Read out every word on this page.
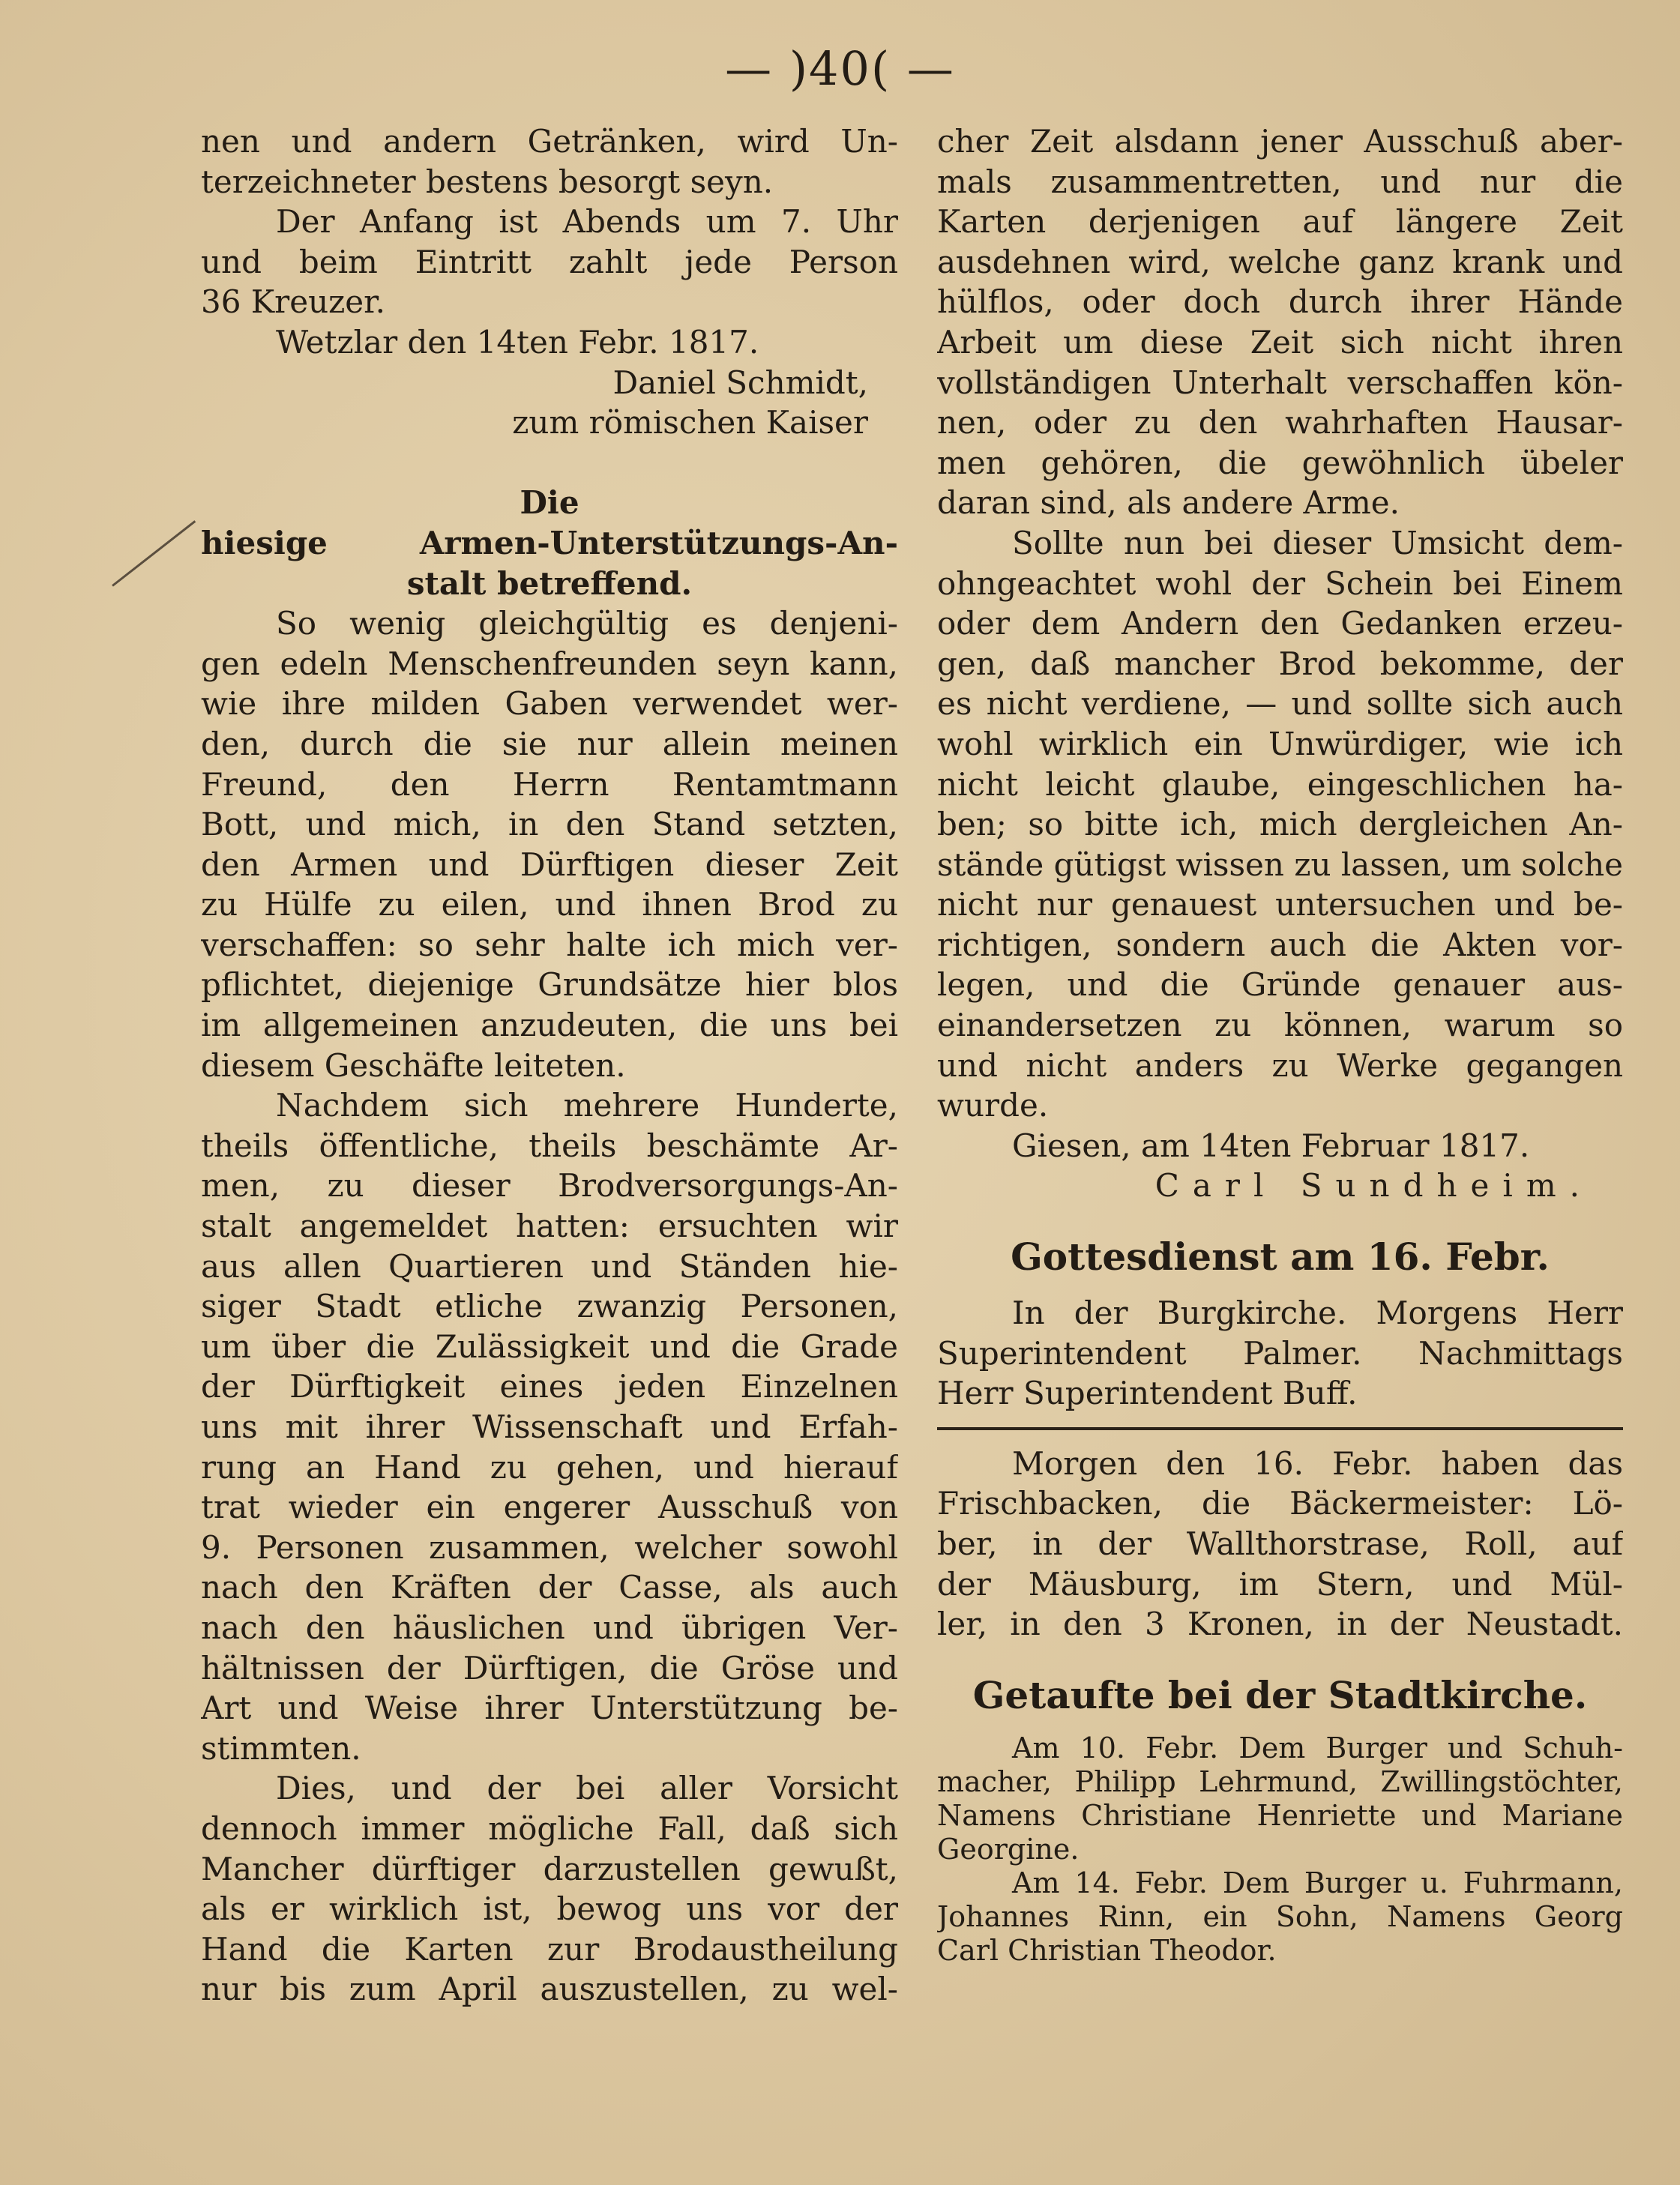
— )40( —
nen und andern Getränken, wird Un-
terzeichneter bestens besorgt seyn.
Der Anfang ist Abends um 7. Uhr
und beim Eintritt zahlt jede Person
36 Kreuzer.
Wetzlar den 14ten Febr. 1817.
Daniel Schmidt,
zum römischen Kaiser
Die
hiesige Armen-Unterstützungs-An-
stalt betreffend.
So wenig gleichgültig es denjeni-
gen edeln Menschenfreunden seyn kann,
wie ihre milden Gaben verwendet wer-
den, durch die sie nur allein meinen
Freund, den Herrn Rentamtmann
Bott, und mich, in den Stand setzten,
den Armen und Dürftigen dieser Zeit
zu Hülfe zu eilen, und ihnen Brod zu
verschaffen: so sehr halte ich mich ver-
pflichtet, diejenige Grundsätze hier blos
im allgemeinen anzudeuten, die uns bei
diesem Geschäfte leiteten.
Nachdem sich mehrere Hunderte,
theils öffentliche, theils beschämte Ar-
men, zu dieser Brodversorgungs-An-
stalt angemeldet hatten: ersuchten wir
aus allen Quartieren und Ständen hie-
siger Stadt etliche zwanzig Personen,
um über die Zulässigkeit und die Grade
der Dürftigkeit eines jeden Einzelnen
uns mit ihrer Wissenschaft und Erfah-
rung an Hand zu gehen, und hierauf
trat wieder ein engerer Ausschuß von
9. Personen zusammen, welcher sowohl
nach den Kräften der Casse, als auch
nach den häuslichen und übrigen Ver-
hältnissen der Dürftigen, die Gröse und
Art und Weise ihrer Unterstützung be-
stimmten.
Dies, und der bei aller Vorsicht
dennoch immer mögliche Fall, daß sich
Mancher dürftiger darzustellen gewußt,
als er wirklich ist, bewog uns vor der
Hand die Karten zur Brodaustheilung
nur bis zum April auszustellen, zu wel-
cher Zeit alsdann jener Ausschuß aber-
mals zusammentretten, und nur die
Karten derjenigen auf längere Zeit
ausdehnen wird, welche ganz krank und
hülflos, oder doch durch ihrer Hände
Arbeit um diese Zeit sich nicht ihren
vollständigen Unterhalt verschaffen kön-
nen, oder zu den wahrhaften Hausar-
men gehören, die gewöhnlich übeler
daran sind, als andere Arme.
Sollte nun bei dieser Umsicht dem-
ohngeachtet wohl der Schein bei Einem
oder dem Andern den Gedanken erzeu-
gen, daß mancher Brod bekomme, der
es nicht verdiene, — und sollte sich auch
wohl wirklich ein Unwürdiger, wie ich
nicht leicht glaube, eingeschlichen ha-
ben; so bitte ich, mich dergleichen An-
stände gütigst wissen zu lassen, um solche
nicht nur genauest untersuchen und be-
richtigen, sondern auch die Akten vor-
legen, und die Gründe genauer aus-
einandersetzen zu können, warum so
und nicht anders zu Werke gegangen
wurde.
Giesen, am 14ten Februar 1817.
Carl Sundheim.
Gottesdienst am 16. Febr.
In der Burgkirche. Morgens Herr
Superintendent Palmer. Nachmittags
Herr Superintendent Buff.
Morgen den 16. Febr. haben das
Frischbacken, die Bäckermeister: Lö-
ber, in der Wallthorstrase, Roll, auf
der Mäusburg, im Stern, und Mül-
ler, in den 3 Kronen, in der Neustadt.
Getaufte bei der Stadtkirche.
Am 10. Febr. Dem Burger und Schuh-
macher, Philipp Lehrmund, Zwillingstöchter,
Namens Christiane Henriette und Mariane
Georgine.
Am 14. Febr. Dem Burger u. Fuhrmann,
Johannes Rinn, ein Sohn, Namens Georg
Carl Christian Theodor.
